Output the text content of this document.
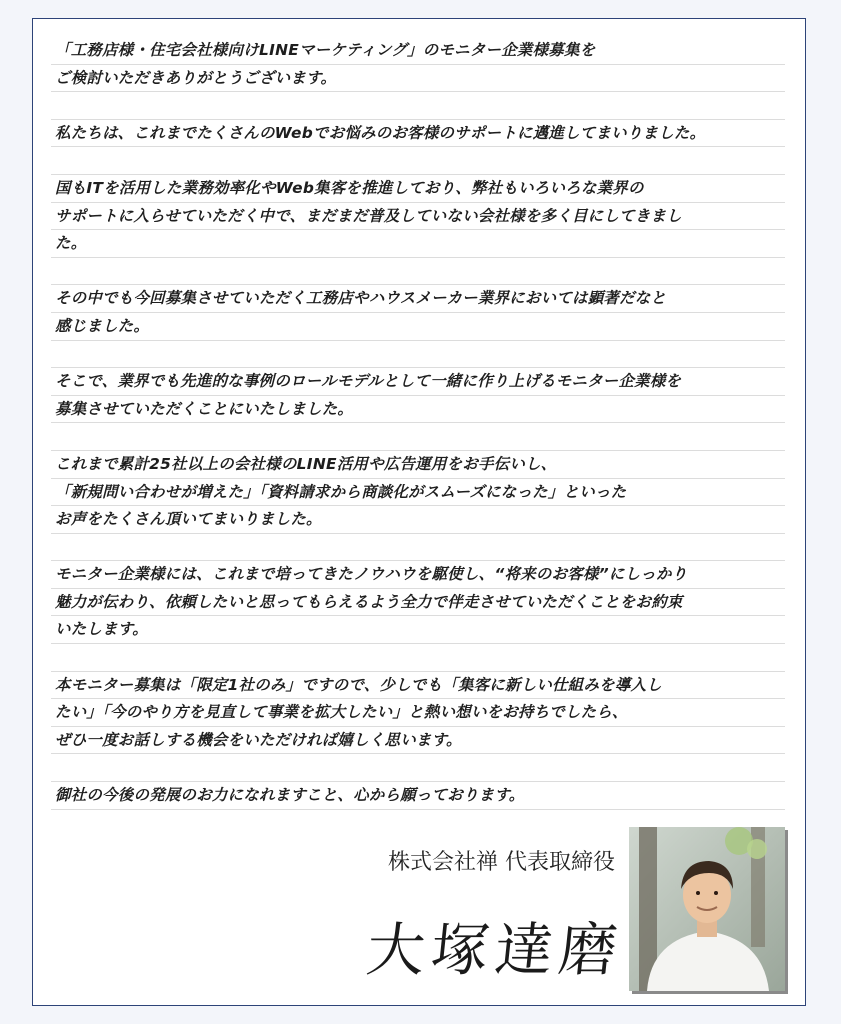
「工務店様・住宅会社様向けLINEマーケティング」のモニター企業様募集を
ご検討いただきありがとうございます。
私たちは、これまでたくさんのWebでお悩みのお客様のサポートに邁進してまいりました。
国もITを活用した業務効率化やWeb集客を推進しており、弊社もいろいろな業界の
サポートに入らせていただく中で、まだまだ普及していない会社様を多く目にしてきまし
た。
その中でも今回募集させていただく工務店やハウスメーカー業界においては顕著だなと
感じました。
そこで、業界でも先進的な事例のロールモデルとして一緒に作り上げるモニター企業様を
募集させていただくことにいたしました。
これまで累計25社以上の会社様のLINE活用や広告運用をお手伝いし、
「新規問い合わせが増えた」「資料請求から商談化がスムーズになった」といった
お声をたくさん頂いてまいりました。
モニター企業様には、これまで培ってきたノウハウを駆使し、“将来のお客様”にしっかり
魅力が伝わり、依頼したいと思ってもらえるよう全力で伴走させていただくことをお約束
いたします。
本モニター募集は「限定1社のみ」ですので、少しでも「集客に新しい仕組みを導入し
たい」「今のやり方を見直して事業を拡大したい」と熱い想いをお持ちでしたら、
ぜひ一度お話しする機会をいただければ嬉しく思います。
御社の今後の発展のお力になれますこと、心から願っております。
株式会社禅 代表取締役
大塚達磨
